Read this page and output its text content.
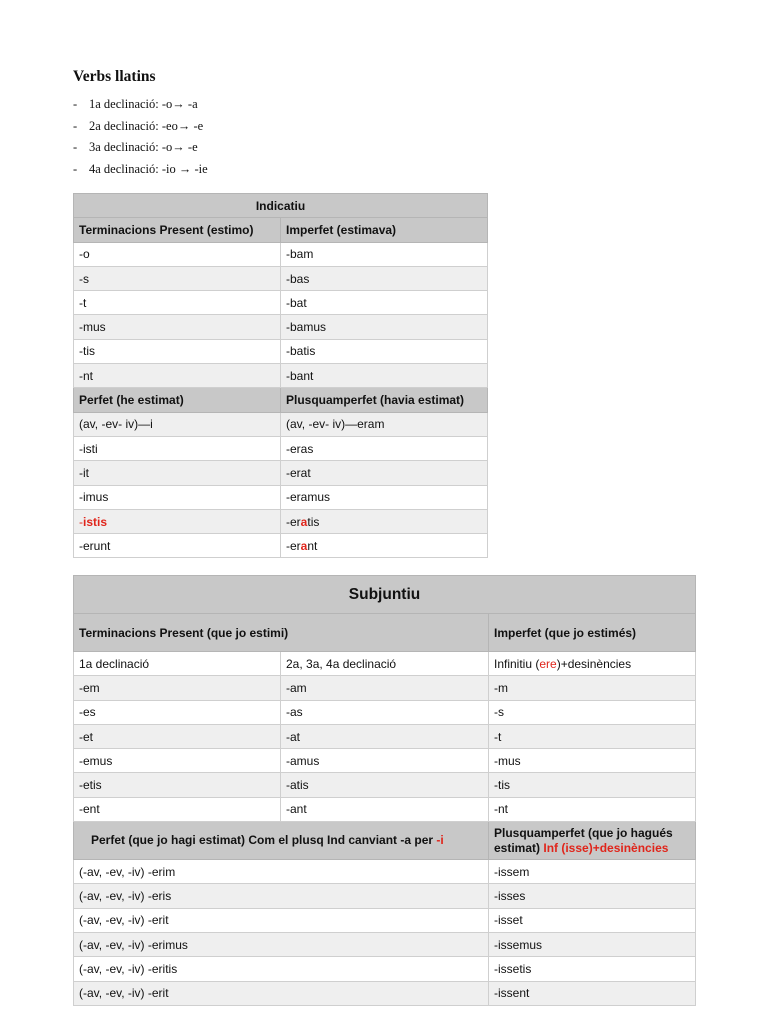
Verbs llatins
- 1a declinació: -o→ -a
- 2a declinació: -eo→ -e
- 3a declinació: -o→ -e
- 4a declinació: -io → -ie
Indicatiu	
Terminacions Present (estimo)	Imperfet (estimava)
-o	-bam
-s	-bas
-t	-bat
-mus	-bamus
-tis	-batis
-nt	-bant
Perfet (he estimat)	Plusquamperfet (havia estimat)
(av, -ev- iv)—i	(av, -ev- iv)—eram
-isti	-eras
-it	-erat
-imus	-eramus
-istis	-eratis
-erunt	-erant
Subjuntiu		
Terminacions Present (que jo estimi)		Imperfet (que jo estimés)
1a declinació	2a, 3a, 4a declinació	Infinitiu (ere)+desinències
-em	-am	-m
-es	-as	-s
-et	-at	-t
-emus	-amus	-mus
-etis	-atis	-tis
-ent	-ant	-nt
Perfet (que jo hagi estimat) Com el plusq Ind canviant -a per -i		Plusquamperfet (que jo hagués estimat) Inf (isse)+desinències
(-av, -ev, -iv) -erim		-issem
(-av, -ev, -iv) -eris		-isses
(-av, -ev, -iv) -erit		-isset
(-av, -ev, -iv) -erimus		-issemus
(-av, -ev, -iv) -eritis		-issetis
(-av, -ev, -iv) -erit		-issent
